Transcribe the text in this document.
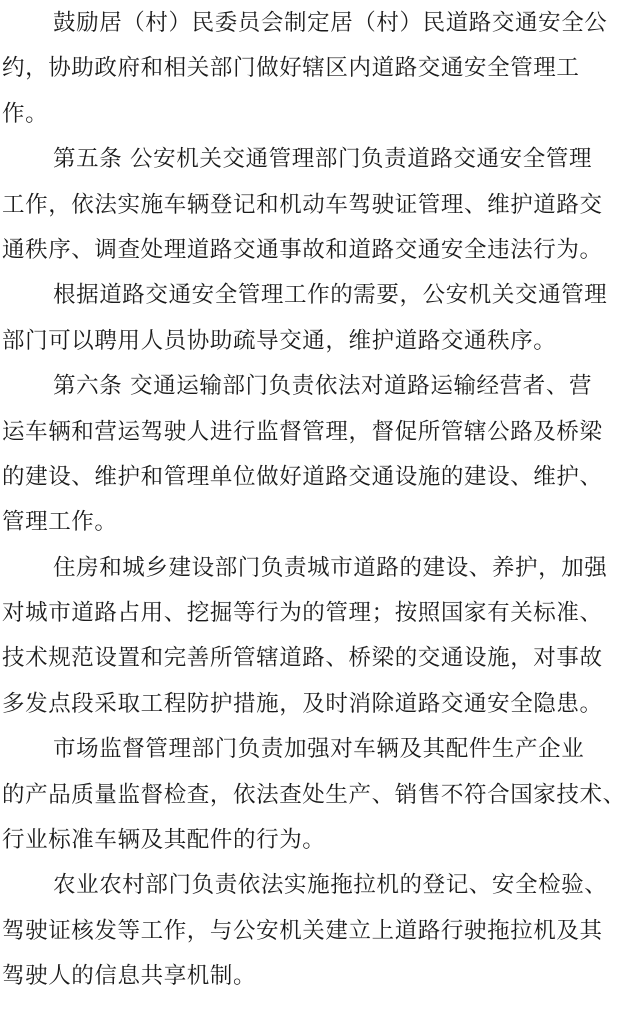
鼓励居（村）民委员会制定居（村）民道路交通安全公
约，协助政府和相关部门做好辖区内道路交通安全管理工
作。
第五条 公安机关交通管理部门负责道路交通安全管理
工作，依法实施车辆登记和机动车驾驶证管理、维护道路交
通秩序、调查处理道路交通事故和道路交通安全违法行为。
根据道路交通安全管理工作的需要，公安机关交通管理
部门可以聘用人员协助疏导交通，维护道路交通秩序。
第六条 交通运输部门负责依法对道路运输经营者、营
运车辆和营运驾驶人进行监督管理，督促所管辖公路及桥梁
的建设、维护和管理单位做好道路交通设施的建设、维护、
管理工作。
住房和城乡建设部门负责城市道路的建设、养护，加强
对城市道路占用、挖掘等行为的管理；按照国家有关标准、
技术规范设置和完善所管辖道路、桥梁的交通设施，对事故
多发点段采取工程防护措施，及时消除道路交通安全隐患。
市场监督管理部门负责加强对车辆及其配件生产企业
的产品质量监督检查，依法查处生产、销售不符合国家技术、
行业标准车辆及其配件的行为。
农业农村部门负责依法实施拖拉机的登记、安全检验、
驾驶证核发等工作，与公安机关建立上道路行驶拖拉机及其
驾驶人的信息共享机制。
